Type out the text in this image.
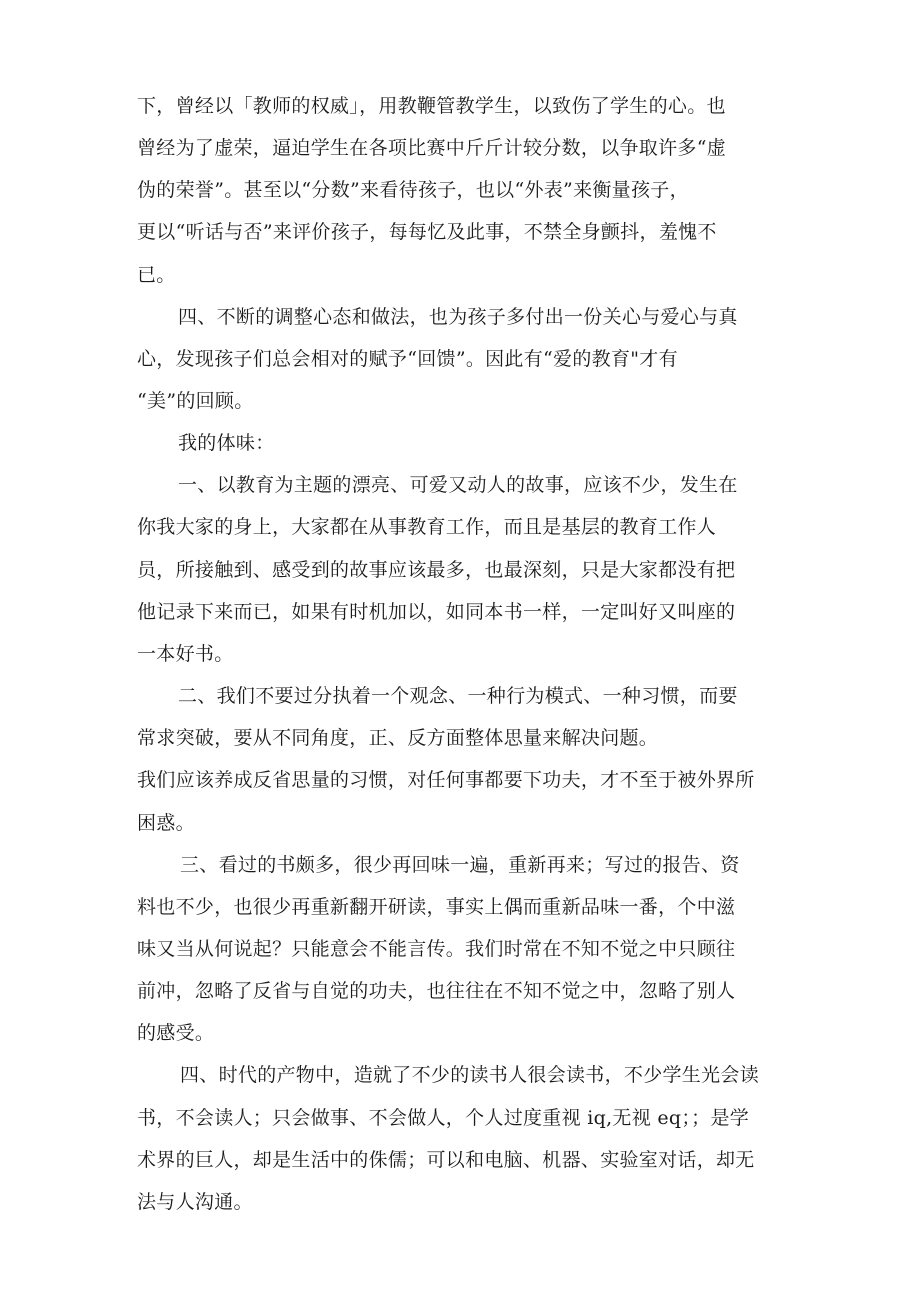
下，曾经以「教师的权威」，用教鞭管教学生，以致伤了学生的心。也
曾经为了虚荣，逼迫学生在各项比赛中斤斤计较分数，以争取许多“虚
伪的荣誉”。甚至以“分数”来看待孩子，也以“外表”来衡量孩子，
更以“听话与否”来评价孩子，每每忆及此事，不禁全身颤抖，羞愧不
已。
四、不断的调整心态和做法，也为孩子多付出一份关心与爱心与真
心，发现孩子们总会相对的赋予“回馈”。因此有“爱的教育"才有
“美”的回顾。
我的体味：
一、以教育为主题的漂亮、可爱又动人的故事，应该不少，发生在
你我大家的身上，大家都在从事教育工作，而且是基层的教育工作人
员，所接触到、感受到的故事应该最多，也最深刻，只是大家都没有把
他记录下来而已，如果有时机加以，如同本书一样，一定叫好又叫座的
一本好书。
二、我们不要过分执着一个观念、一种行为模式、一种习惯，而要
常求突破，要从不同角度，正、反方面整体思量来解决问题。
我们应该养成反省思量的习惯，对任何事都要下功夫，才不至于被外界所
困惑。
三、看过的书颇多，很少再回味一遍，重新再来；写过的报告、资
料也不少，也很少再重新翻开研读，事实上偶而重新品味一番，个中滋
味又当从何说起？只能意会不能言传。我们时常在不知不觉之中只顾往
前冲，忽略了反省与自觉的功夫，也往往在不知不觉之中，忽略了别人
的感受。
四、时代的产物中，造就了不少的读书人很会读书，不少学生光会读
书，不会读人；只会做事、不会做人，个人过度重视 iq,无视 eq；；是学
术界的巨人，却是生活中的侏儒；可以和电脑、机器、实验室对话，却无
法与人沟通。
